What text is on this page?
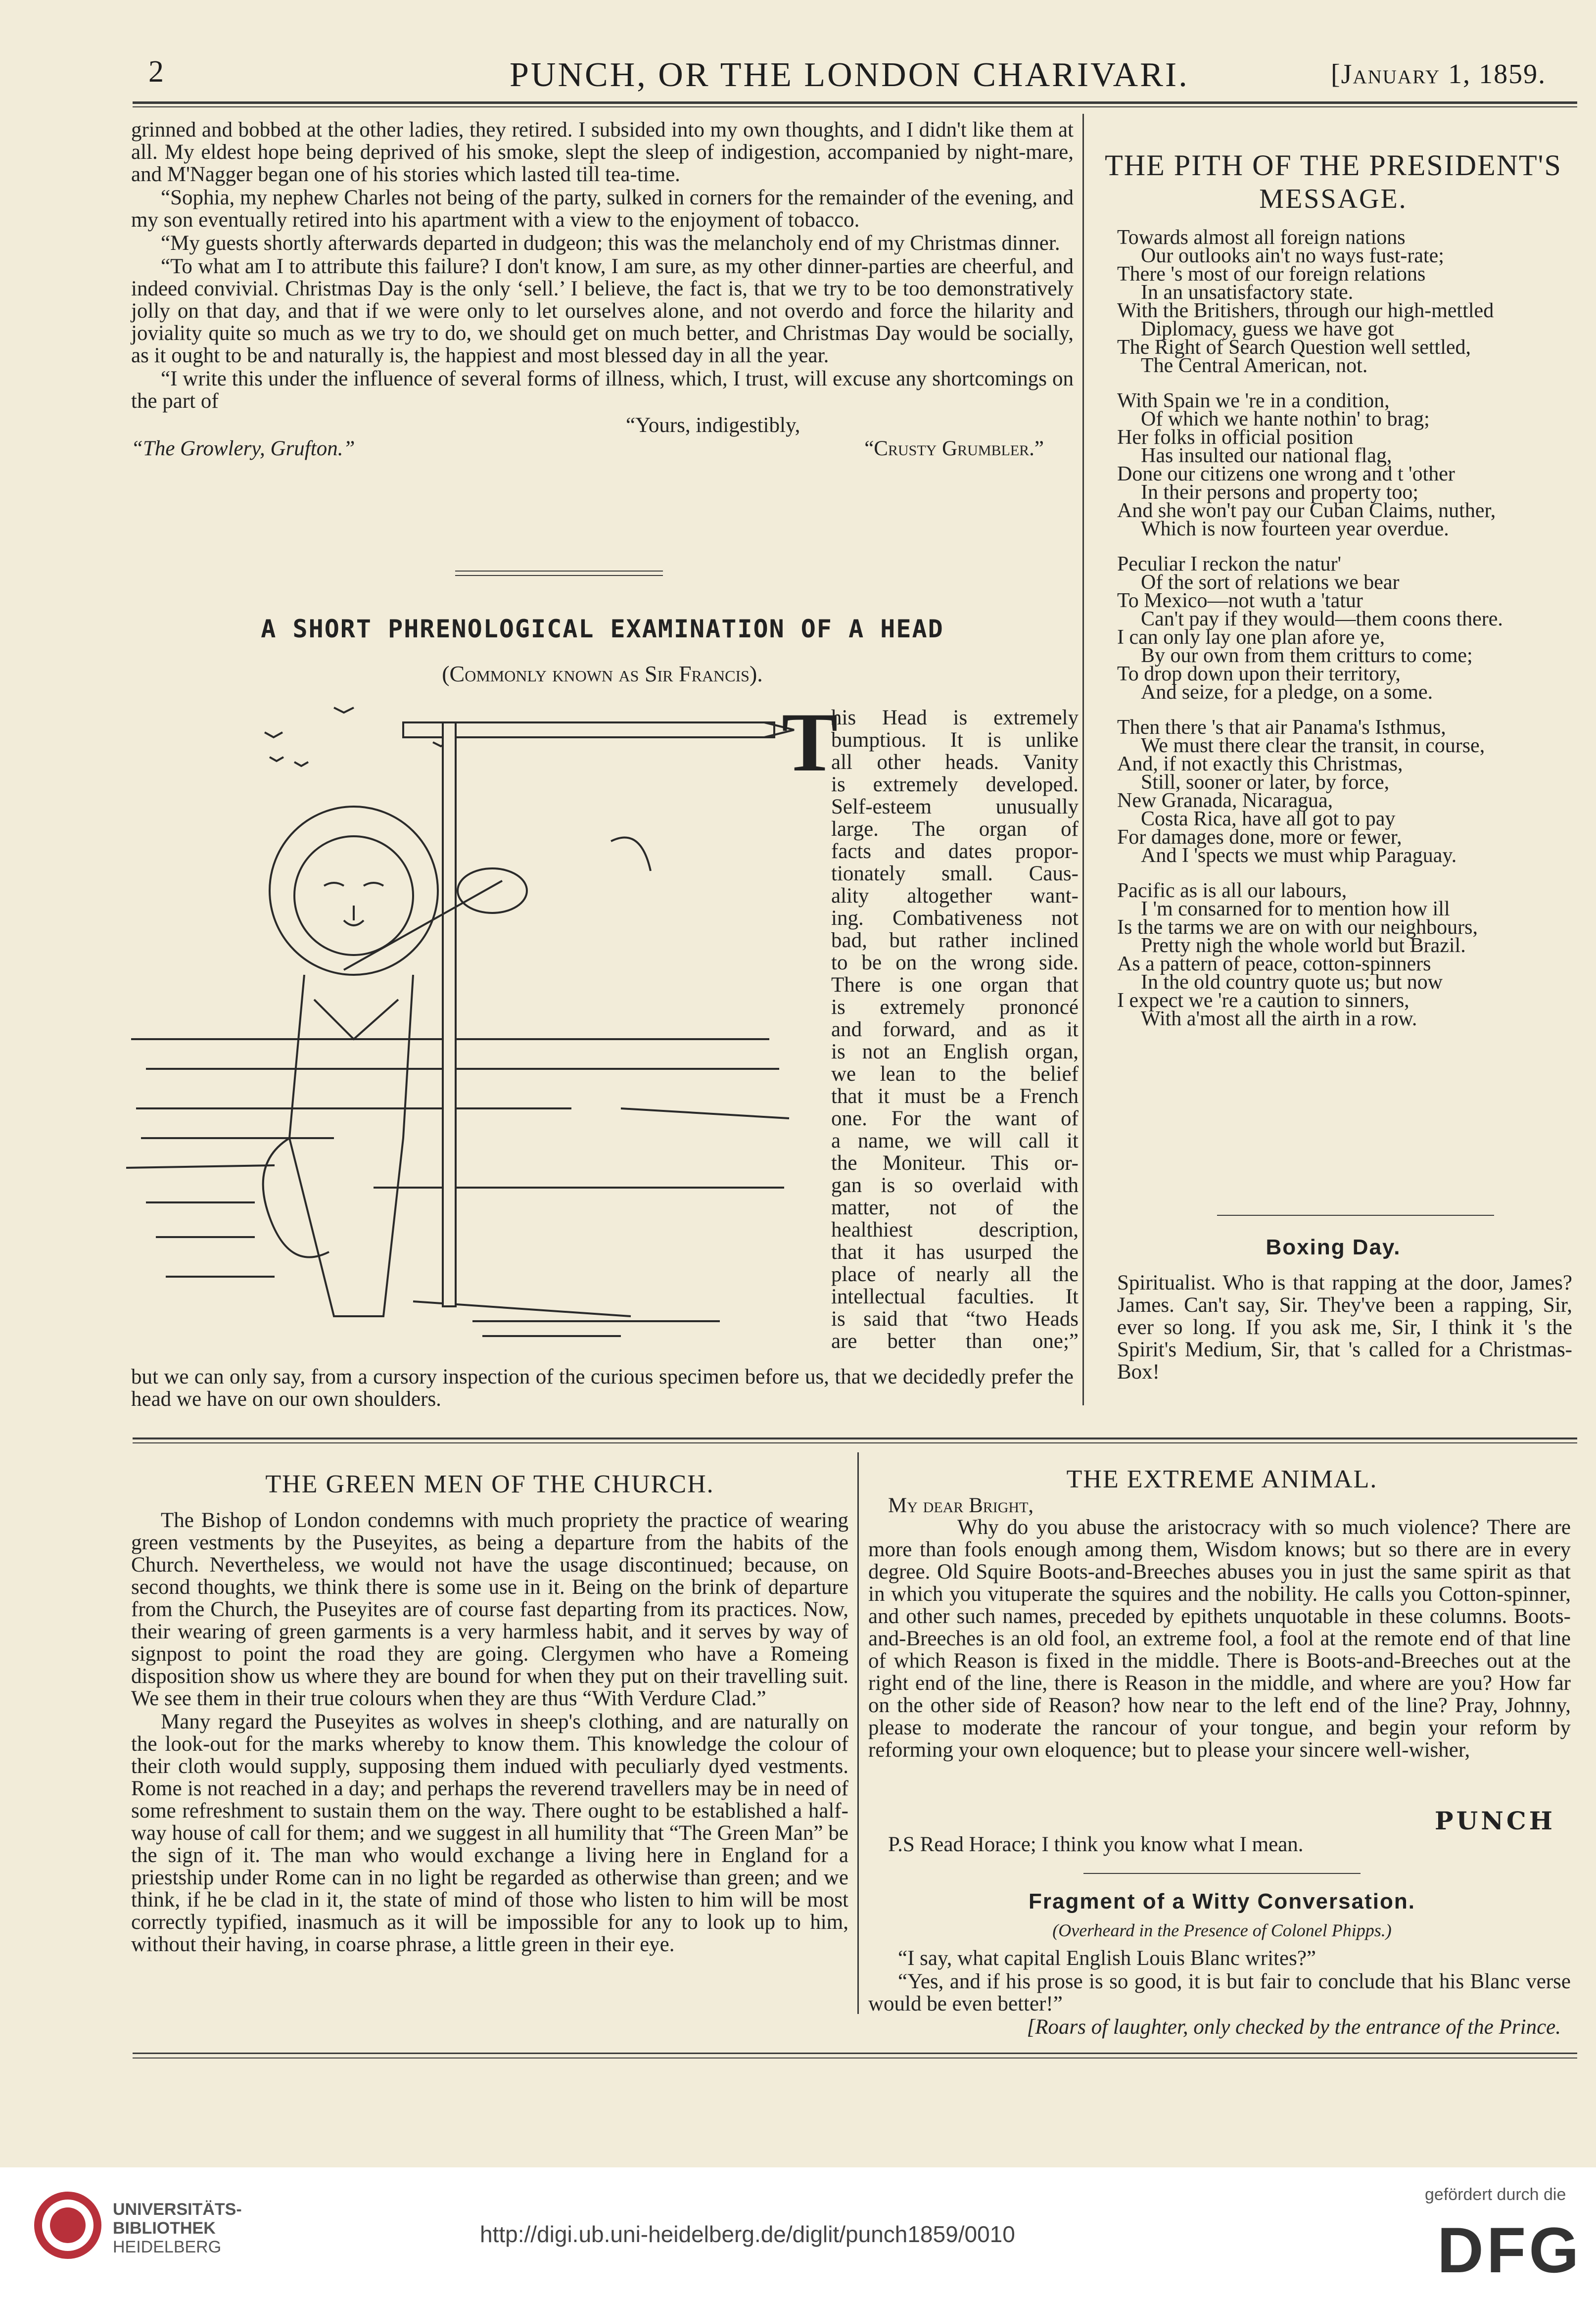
2	PUNCH, OR THE LONDON CHARIVARI.	[January 1, 1859.

grinned and bobbed at the other ladies, they retired. I subsided into my own thoughts, and I didn't like them at all. My eldest hope being deprived of his smoke, slept the sleep of indigestion, accompanied by night-mare, and M'Nagger began one of his stories which lasted till tea-time.

“Sophia, my nephew Charles not being of the party, sulked in corners for the remainder of the evening, and my son eventually retired into his apartment with a view to the enjoyment of tobacco.

“My guests shortly afterwards departed in dudgeon; this was the melancholy end of my Christmas dinner.

“To what am I to attribute this failure? I don't know, I am sure, as my other dinner-parties are cheerful, and indeed convivial. Christmas Day is the only ‘sell.’ I believe, the fact is, that we try to be too demonstratively jolly on that day, and that if we were only to let ourselves alone, and not overdo and force the hilarity and joviality quite so much as we try to do, we should get on much better, and Christmas Day would be socially, as it ought to be and naturally is, the happiest and most blessed day in all the year.

“I write this under the influence of several forms of illness, which, I trust, will excuse any shortcomings on the part of

“Yours, indigestibly,

“The Growlery, Grufton.”	“Crusty Grumbler.”
A SHORT PHRENOLOGICAL EXAMINATION OF A HEAD
(Commonly known as Sir Francis).
T
his Head is extremely
bumptious. It is unlike
all other heads. Vanity
is extremely developed.
Self-esteem unusually
large. The organ of
facts and dates propor-
tionately small. Caus-
ality altogether want-
ing. Combativeness not
bad, but rather inclined
to be on the wrong side.
There is one organ that
is extremely prononcé
and forward, and as it
is not an English organ,
we lean to the belief
that it must be a French
one. For the want of
a name, we will call it
the Moniteur. This or-
gan is so overlaid with
matter, not of the
healthiest description,
that it has usurped the
place of nearly all the
intellectual faculties. It
is said that “two Heads
are better than one;”
but we can only say, from a cursory inspection of the curious specimen before us, that we decidedly prefer the head we have on our own shoulders.
THE PITH OF THE PRESIDENT'S
MESSAGE.
Towards almost all foreign nations
Our outlooks ain't no ways fust-rate;
There 's most of our foreign relations
In an unsatisfactory state.
With the Britishers, through our high-mettled
Diplomacy, guess we have got
The Right of Search Question well settled,
The Central American, not.
With Spain we 're in a condition,
Of which we hante nothin' to brag;
Her folks in official position
Has insulted our national flag,
Done our citizens one wrong and t 'other
In their persons and property too;
And she won't pay our Cuban Claims, nuther,
Which is now fourteen year overdue.
Peculiar I reckon the natur'
Of the sort of relations we bear
To Mexico—not wuth a 'tatur
Can't pay if they would—them coons there.
I can only lay one plan afore ye,
By our own from them critturs to come;
To drop down upon their territory,
And seize, for a pledge, on a some.
Then there 's that air Panama's Isthmus,
We must there clear the transit, in course,
And, if not exactly this Christmas,
Still, sooner or later, by force,
New Granada, Nicaragua,
Costa Rica, have all got to pay
For damages done, more or fewer,
And I 'spects we must whip Paraguay.
Pacific as is all our labours,
I 'm consarned for to mention how ill
Is the tarms we are on with our neighbours,
Pretty nigh the whole world but Brazil.
As a pattern of peace, cotton-spinners
In the old country quote us; but now
I expect we 're a caution to sinners,
With a'most all the airth in a row.
Boxing Day.
Spiritualist. Who is that rapping at the door, James? James. Can't say, Sir. They've been a rapping, Sir, ever so long. If you ask me, Sir, I think it 's the Spirit's Medium, Sir, that 's called for a Christmas-Box!
THE GREEN MEN OF THE CHURCH.

The Bishop of London condemns with much propriety the practice of wearing green vestments by the Puseyites, as being a departure from the habits of the Church. Nevertheless, we would not have the usage discontinued; because, on second thoughts, we think there is some use in it. Being on the brink of departure from the Church, the Puseyites are of course fast departing from its practices. Now, their wearing of green garments is a very harmless habit, and it serves by way of signpost to point the road they are going. Clergymen who have a Romeing disposition show us where they are bound for when they put on their travelling suit. We see them in their true colours when they are thus “With Verdure Clad.”

Many regard the Puseyites as wolves in sheep's clothing, and are naturally on the look-out for the marks whereby to know them. This knowledge the colour of their cloth would supply, supposing them indued with peculiarly dyed vestments. Rome is not reached in a day; and perhaps the reverend travellers may be in need of some refreshment to sustain them on the way. There ought to be established a half-way house of call for them; and we suggest in all humility that “The Green Man” be the sign of it. The man who would exchange a living here in England for a priestship under Rome can in no light be regarded as otherwise than green; and we think, if he be clad in it, the state of mind of those who listen to him will be most correctly typified, inasmuch as it will be impossible for any to look up to him, without their having, in coarse phrase, a little green in their eye.

THE EXTREME ANIMAL.
My dear Bright,
Why do you abuse the aristocracy with so much violence? There are more than fools enough among them, Wisdom knows; but so there are in every degree. Old Squire Boots-and-Breeches abuses you in just the same spirit as that in which you vituperate the squires and the nobility. He calls you Cotton-spinner, and other such names, preceded by epithets unquotable in these columns. Boots-and-Breeches is an old fool, an extreme fool, a fool at the remote end of that line of which Reason is fixed in the middle. There is Boots-and-Breeches out at the right end of the line, there is Reason in the middle, and where are you? How far on the other side of Reason? how near to the left end of the line? Pray, Johnny, please to moderate the rancour of your tongue, and begin your reform by reforming your own eloquence; but to please your sincere well-wisher,
PUNCH
P.S Read Horace; I think you know what I mean.
Fragment of a Witty Conversation.
(Overheard in the Presence of Colonel Phipps.)

“I say, what capital English Louis Blanc writes?”

“Yes, and if his prose is so good, it is but fair to conclude that his Blanc verse would be even better!”

[Roars of laughter, only checked by the entrance of the Prince.

UNIVERSITÄTS-
BIBLIOTHEK
HEIDELBERG	http://digi.ub.uni-heidelberg.de/diglit/punch1859/0010
gefördert durch die
DFG
